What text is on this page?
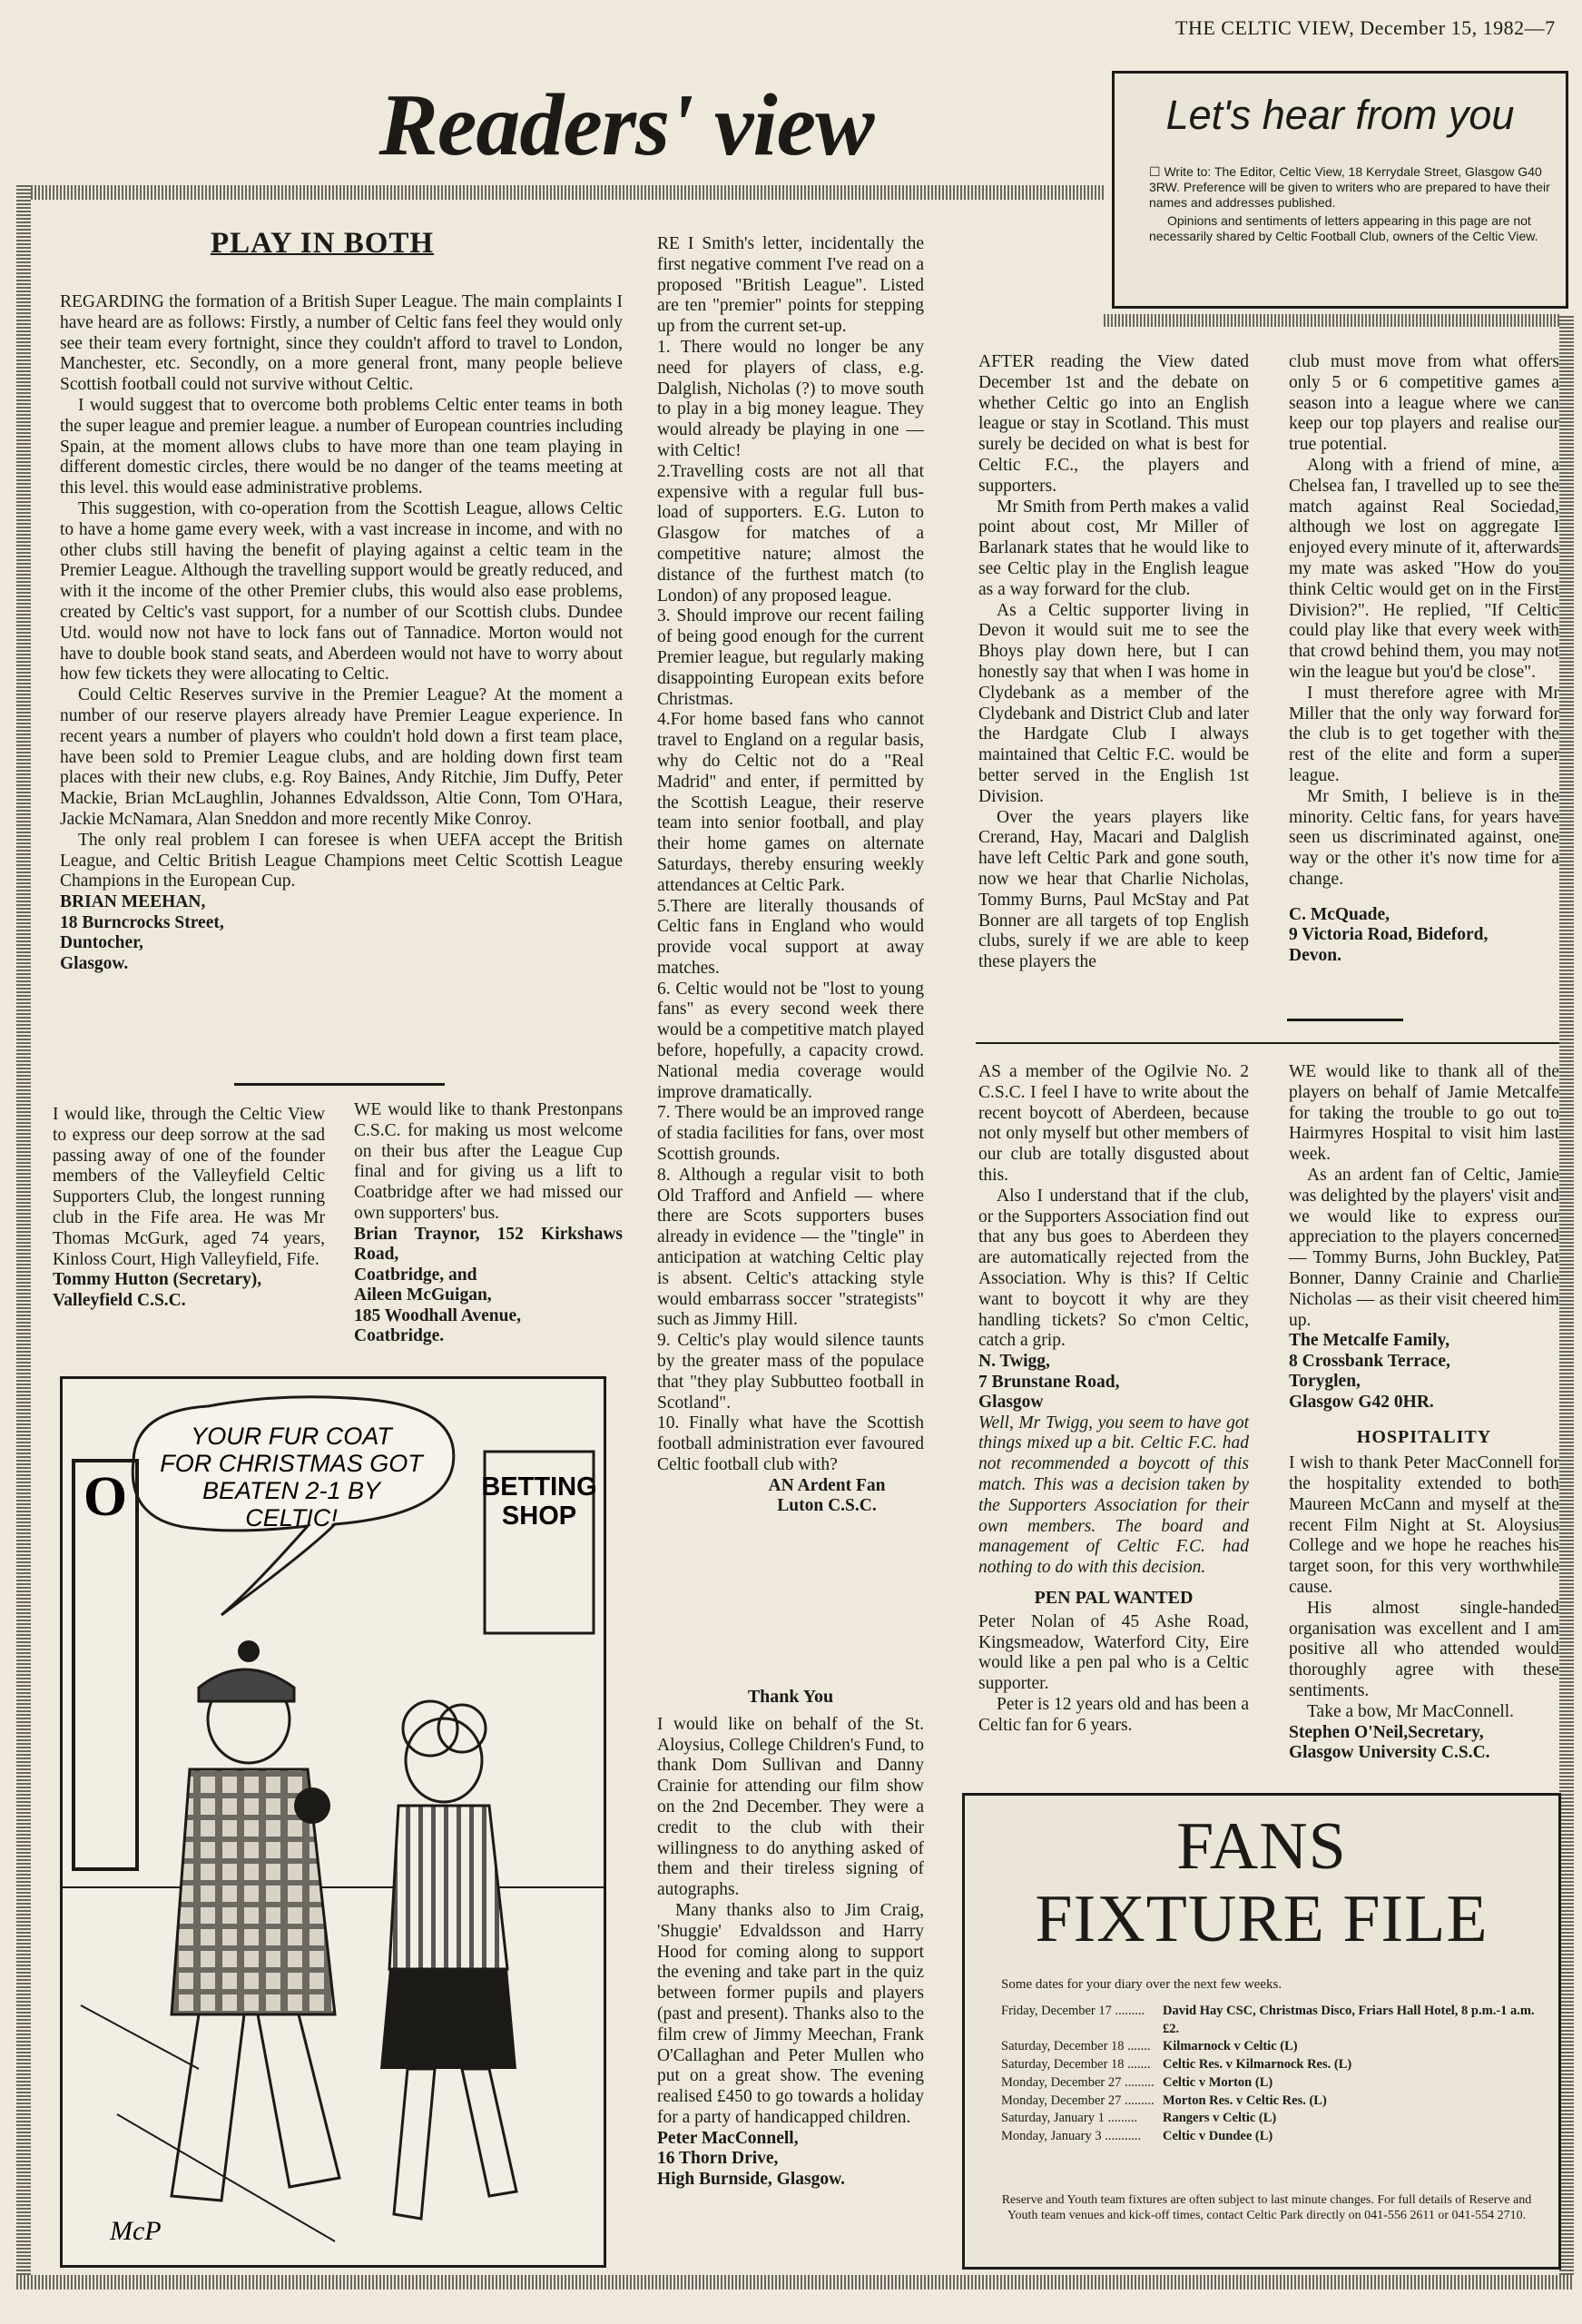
THE CELTIC VIEW, December 15, 1982—7
Readers' view	Let's hear from you

☐ Write to: The Editor, Celtic View, 18 Kerrydale Street, Glasgow G40 3RW. Preference will be given to writers who are prepared to have their names and addresses published.

Opinions and sentiments of letters appearing in this page are not necessarily shared by Celtic Football Club, owners of the Celtic View.

PLAY IN BOTH

REGARDING the formation of a British Super League. The main complaints I have heard are as follows: Firstly, a number of Celtic fans feel they would only see their team every fortnight, since they couldn't afford to travel to London, Manchester, etc. Secondly, on a more general front, many people believe Scottish football could not survive without Celtic.

I would suggest that to overcome both problems Celtic enter teams in both the super league and premier league. a number of European countries including Spain, at the moment allows clubs to have more than one team playing in different domestic circles, there would be no danger of the teams meeting at this level. this would ease administrative problems.

This suggestion, with co-operation from the Scottish League, allows Celtic to have a home game every week, with a vast increase in income, and with no other clubs still having the benefit of playing against a celtic team in the Premier League. Although the travelling support would be greatly reduced, and with it the income of the other Premier clubs, this would also ease problems, created by Celtic's vast support, for a number of our Scottish clubs. Dundee Utd. would now not have to lock fans out of Tannadice. Morton would not have to double book stand seats, and Aberdeen would not have to worry about how few tickets they were allocating to Celtic.

Could Celtic Reserves survive in the Premier League? At the moment a number of our reserve players already have Premier League experience. In recent years a number of players who couldn't hold down a first team place, have been sold to Premier League clubs, and are holding down first team places with their new clubs, e.g. Roy Baines, Andy Ritchie, Jim Duffy, Peter Mackie, Brian McLaughlin, Johannes Edvaldsson, Altie Conn, Tom O'Hara, Jackie McNamara, Alan Sneddon and more recently Mike Conroy.

The only real problem I can foresee is when UEFA accept the British League, and Celtic British League Champions meet Celtic Scottish League Champions in the European Cup.

BRIAN MEEHAN,
18 Burncrocks Street,
Duntocher,
Glasgow.

I would like, through the Celtic View to express our deep sorrow at the sad passing away of one of the founder members of the Valleyfield Celtic Supporters Club, the longest running club in the Fife area. He was Mr Thomas McGurk, aged 74 years, Kinloss Court, High Valleyfield, Fife.

Tommy Hutton (Secretary),
Valleyfield C.S.C.

WE would like to thank Prestonpans C.S.C. for making us most welcome on their bus after the League Cup final and for giving us a lift to Coatbridge after we had missed our own supporters' bus.

Brian Traynor, 152 Kirkshaws Road,
Coatbridge, and
Aileen McGuigan,
185 Woodhall Avenue,
Coatbridge.
YOUR FUR COAT
FOR CHRISTMAS GOT
BEATEN 2-1 BY
CELTIC!
BETTING
SHOP
O
McP

RE I Smith's letter, incidentally the first negative comment I've read on a proposed "British League". Listed are ten "premier" points for stepping up from the current set-up.

1. There would no longer be any need for players of class, e.g. Dalglish, Nicholas (?) to move south to play in a big money league. They would already be playing in one — with Celtic!

2.Travelling costs are not all that expensive with a regular full bus-load of supporters. E.G. Luton to Glasgow for matches of a competitive nature; almost the distance of the furthest match (to London) of any proposed league.

3. Should improve our recent failing of being good enough for the current Premier league, but regularly making disappointing European exits before Christmas.

4.For home based fans who cannot travel to England on a regular basis, why do Celtic not do a "Real Madrid" and enter, if permitted by the Scottish League, their reserve team into senior football, and play their home games on alternate Saturdays, thereby ensuring weekly attendances at Celtic Park.

5.There are literally thousands of Celtic fans in England who would provide vocal support at away matches.

6. Celtic would not be "lost to young fans" as every second week there would be a competitive match played before, hopefully, a capacity crowd. National media coverage would improve dramatically.

7. There would be an improved range of stadia facilities for fans, over most Scottish grounds.

8. Although a regular visit to both Old Trafford and Anfield — where there are Scots supporters buses already in evidence — the "tingle" in anticipation at watching Celtic play is absent. Celtic's attacking style would embarrass soccer "strategists" such as Jimmy Hill.

9. Celtic's play would silence taunts by the greater mass of the populace that "they play Subbutteo football in Scotland".

10. Finally what have the Scottish football administration ever favoured Celtic football club with?

AN Ardent Fan
Luton C.S.C.
Thank You

I would like on behalf of the St. Aloysius, College Children's Fund, to thank Dom Sullivan and Danny Crainie for attending our film show on the 2nd December. They were a credit to the club with their willingness to do anything asked of them and their tireless signing of autographs.

Many thanks also to Jim Craig, 'Shuggie' Edvaldsson and Harry Hood for coming along to support the evening and take part in the quiz between former pupils and players (past and present). Thanks also to the film crew of Jimmy Meechan, Frank O'Callaghan and Peter Mullen who put on a great show. The evening realised £450 to go towards a holiday for a party of handicapped children.

Peter MacConnell,
16 Thorn Drive,
High Burnside, Glasgow.

AFTER reading the View dated December 1st and the debate on whether Celtic go into an English league or stay in Scotland. This must surely be decided on what is best for Celtic F.C., the players and supporters.

Mr Smith from Perth makes a valid point about cost, Mr Miller of Barlanark states that he would like to see Celtic play in the English league as a way forward for the club.

As a Celtic supporter living in Devon it would suit me to see the Bhoys play down here, but I can honestly say that when I was home in Clydebank as a member of the Clydebank and District Club and later the Hardgate Club I always maintained that Celtic F.C. would be better served in the English 1st Division.

Over the years players like Crerand, Hay, Macari and Dalglish have left Celtic Park and gone south, now we hear that Charlie Nicholas, Tommy Burns, Paul McStay and Pat Bonner are all targets of top English clubs, surely if we are able to keep these players the

club must move from what offers only 5 or 6 competitive games a season into a league where we can keep our top players and realise our true potential.

Along with a friend of mine, a Chelsea fan, I travelled up to see the match against Real Sociedad, although we lost on aggregate I enjoyed every minute of it, afterwards my mate was asked "How do you think Celtic would get on in the First Division?". He replied, "If Celtic could play like that every week with that crowd behind them, you may not win the league but you'd be close".

I must therefore agree with Mr Miller that the only way forward for the club is to get together with the rest of the elite and form a super league.

Mr Smith, I believe is in the minority. Celtic fans, for years have seen us discriminated against, one way or the other it's now time for a change.

C. McQuade,
9 Victoria Road, Bideford,
Devon.

AS a member of the Ogilvie No. 2 C.S.C. I feel I have to write about the recent boycott of Aberdeen, because not only myself but other members of our club are totally disgusted about this.

Also I understand that if the club, or the Supporters Association find out that any bus goes to Aberdeen they are automatically rejected from the Association. Why is this? If Celtic want to boycott it why are they handling tickets? So c'mon Celtic, catch a grip.

N. Twigg,
7 Brunstane Road,
Glasgow

Well, Mr Twigg, you seem to have got things mixed up a bit. Celtic F.C. had not recommended a boycott of this match. This was a decision taken by the Supporters Association for their own members. The board and management of Celtic F.C. had nothing to do with this decision.

PEN PAL WANTED

Peter Nolan of 45 Ashe Road, Kingsmeadow, Waterford City, Eire would like a pen pal who is a Celtic supporter.

Peter is 12 years old and has been a Celtic fan for 6 years.

WE would like to thank all of the players on behalf of Jamie Metcalfe for taking the trouble to go out to Hairmyres Hospital to visit him last week.

As an ardent fan of Celtic, Jamie was delighted by the players' visit and we would like to express our appreciation to the players concerned — Tommy Burns, John Buckley, Pat Bonner, Danny Crainie and Charlie Nicholas — as their visit cheered him up.

The Metcalfe Family,
8 Crossbank Terrace,
Toryglen,
Glasgow G42 0HR.
HOSPITALITY

I wish to thank Peter MacConnell for the hospitality extended to both Maureen McCann and myself at the recent Film Night at St. Aloysius College and we hope he reaches his target soon, for this very worthwhile cause.

His almost single-handed organisation was excellent and I am positive all who attended would thoroughly agree with these sentiments.

Take a bow, Mr MacConnell.

Stephen O'Neil,Secretary,
Glasgow University C.S.C.
FANS
FIXTURE FILE
Some dates for your diary over the next few weeks.
Friday, December 17 .........	David Hay CSC, Christmas Disco, Friars Hall Hotel, 8 p.m.-1 a.m. £2.
Saturday, December 18 ....... Kilmarnock v Celtic (L)
Saturday, December 18 ....... Celtic Res. v Kilmarnock Res. (L)
Monday, December 27 ......... Celtic v Morton (L)
Monday, December 27 ......... Morton Res. v Celtic Res. (L)
Saturday, January 1 .........	Rangers v Celtic (L)
Monday, January 3 ...........	Celtic v Dundee (L)
Reserve and Youth team fixtures are often subject to last minute changes. For full details of Reserve and Youth team venues and kick-off times, contact Celtic Park directly on 041-556 2611 or 041-554 2710.
